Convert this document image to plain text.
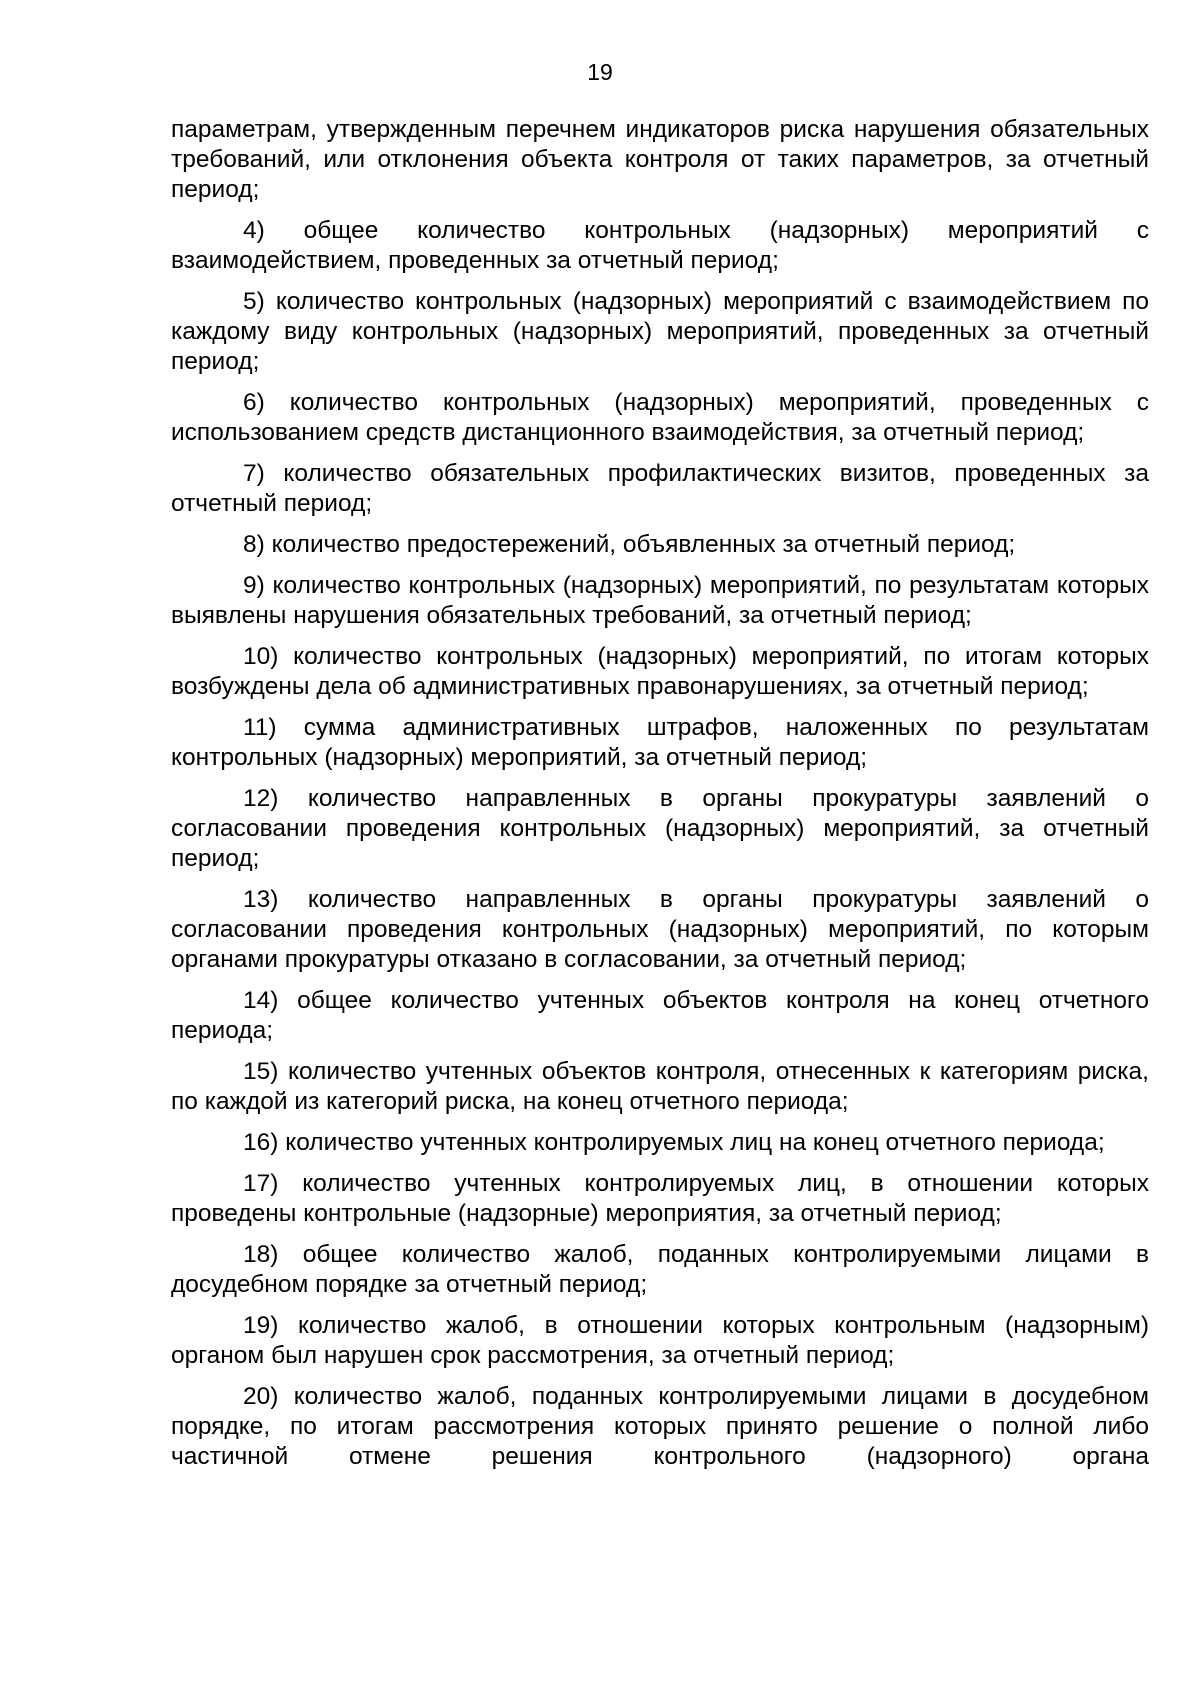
19

параметрам, утвержденным перечнем индикаторов риска нарушения обязательных требований, или отклонения объекта контроля от таких параметров, за отчетный период;

4) общее количество контрольных (надзорных) мероприятий с взаимодействием, проведенных за отчетный период;

5) количество контрольных (надзорных) мероприятий с взаимодействием по каждому виду контрольных (надзорных) мероприятий, проведенных за отчетный период;

6) количество контрольных (надзорных) мероприятий, проведенных с использованием средств дистанционного взаимодействия, за отчетный период;

7) количество обязательных профилактических визитов, проведенных за отчетный период;

8) количество предостережений, объявленных за отчетный период;

9) количество контрольных (надзорных) мероприятий, по результатам которых выявлены нарушения обязательных требований, за отчетный период;

10) количество контрольных (надзорных) мероприятий, по итогам которых возбуждены дела об административных правонарушениях, за отчетный период;

11) сумма административных штрафов, наложенных по результатам контрольных (надзорных) мероприятий, за отчетный период;

12) количество направленных в органы прокуратуры заявлений о согласовании проведения контрольных (надзорных) мероприятий, за отчетный период;

13) количество направленных в органы прокуратуры заявлений о согласовании проведения контрольных (надзорных) мероприятий, по которым органами прокуратуры отказано в согласовании, за отчетный период;

14) общее количество учтенных объектов контроля на конец отчетного периода;

15) количество учтенных объектов контроля, отнесенных к категориям риска, по каждой из категорий риска, на конец отчетного периода;

16) количество учтенных контролируемых лиц на конец отчетного периода;

17) количество учтенных контролируемых лиц, в отношении которых проведены контрольные (надзорные) мероприятия, за отчетный период;

18) общее количество жалоб, поданных контролируемыми лицами в досудебном порядке за отчетный период;

19) количество жалоб, в отношении которых контрольным (надзорным) органом был нарушен срок рассмотрения, за отчетный период;

20) количество жалоб, поданных контролируемыми лицами в досудебном порядке, по итогам рассмотрения которых принято решение о полной либо частичной отмене решения контрольного (надзорного) органа
